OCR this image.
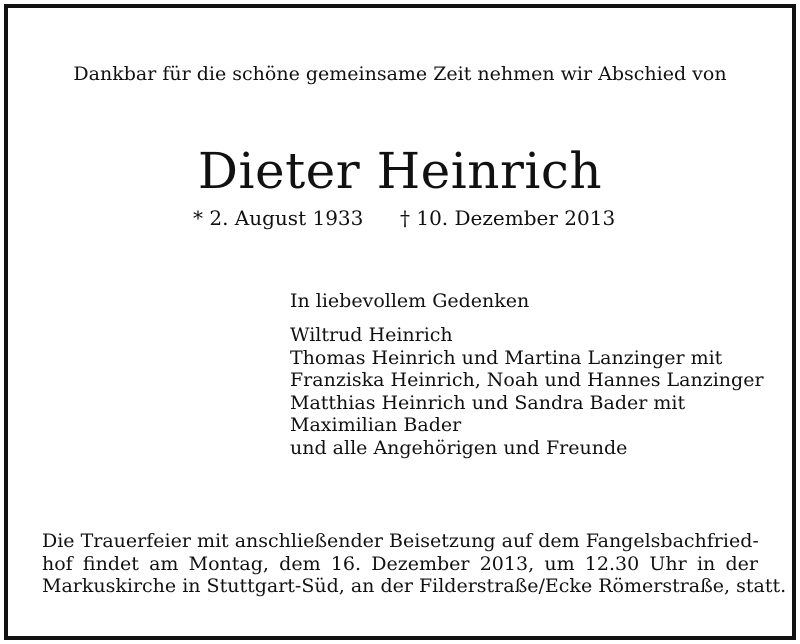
Dankbar für die schöne gemeinsame Zeit nehmen wir Abschied von
Dieter Heinrich
* 2. August 1933 † 10. Dezember 2013
In liebevollem Gedenken
Wiltrud Heinrich
Thomas Heinrich und Martina Lanzinger mit
Franziska Heinrich, Noah und Hannes Lanzinger
Matthias Heinrich und Sandra Bader mit
Maximilian Bader
und alle Angehörigen und Freunde
Die Trauerfeier mit anschließender Beisetzung auf dem Fangelsbachfried-
hof findet am Montag, dem 16. Dezember 2013, um 12.30 Uhr in der
Markuskirche in Stuttgart-Süd, an der Filderstraße/Ecke Römerstraße, statt.
